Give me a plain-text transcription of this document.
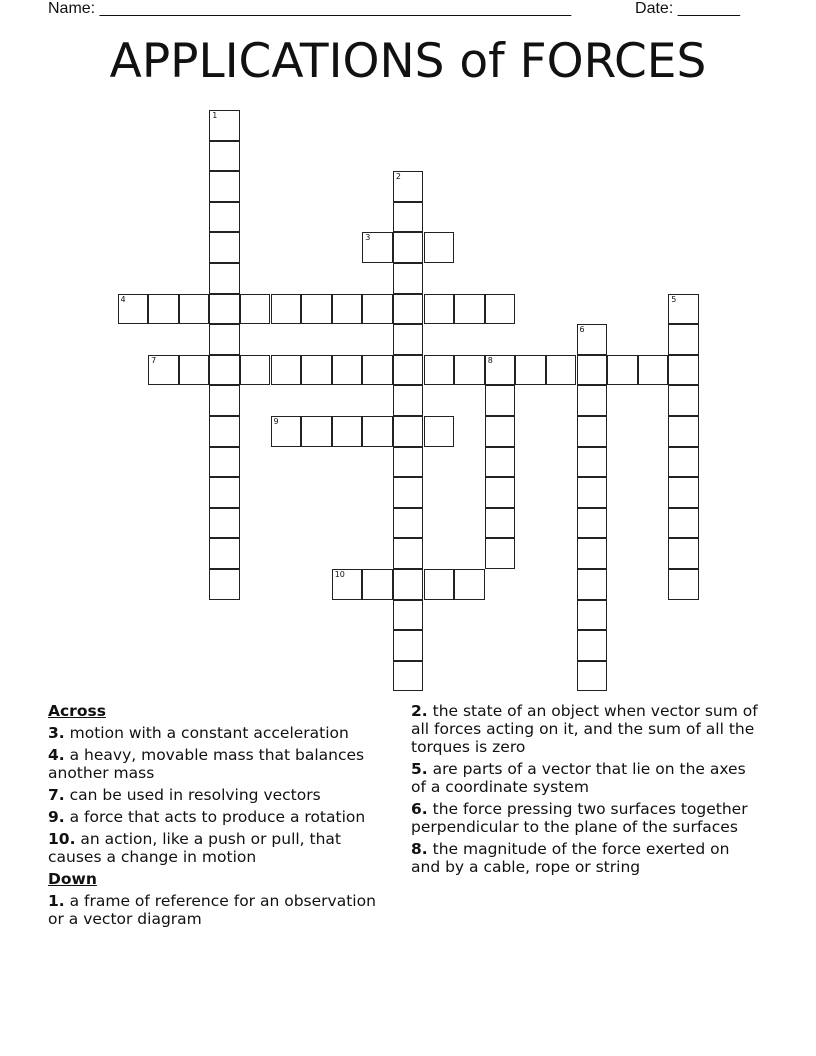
Name: _____________________________________________________	Date: _______
APPLICATIONS of FORCES
1
2
3
4	5
6
7	8
9
10
Across
3. motion with a constant acceleration
4. a heavy, movable mass that balances another mass
7. can be used in resolving vectors
9. a force that acts to produce a rotation
10. an action, like a push or pull, that causes a change in motion
Down
1. a frame of reference for an observation or a vector diagram
2. the state of an object when vector sum of all forces acting on it, and the sum of all the torques is zero
5. are parts of a vector that lie on the axes of a coordinate system
6. the force pressing two surfaces together perpendicular to the plane of the surfaces
8. the magnitude of the force exerted on and by a cable, rope or string
